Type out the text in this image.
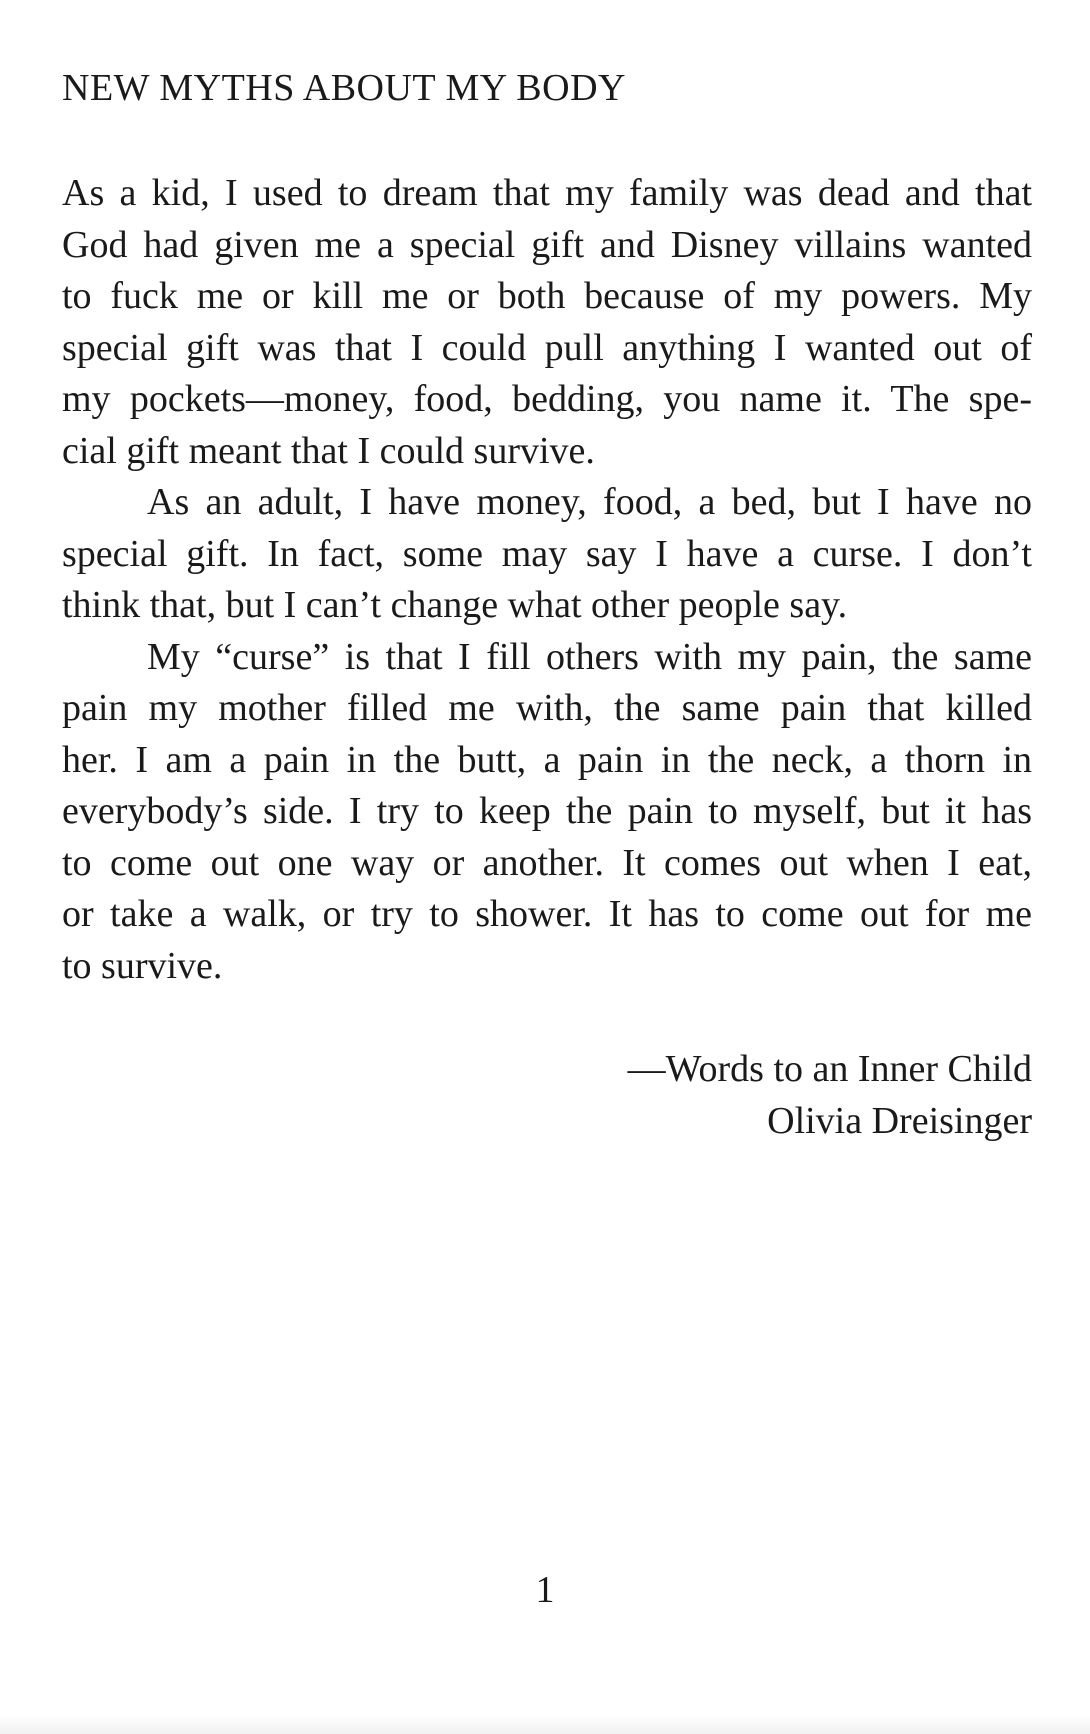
NEW MYTHS ABOUT MY BODY
As a kid, I used to dream that my family was dead and that
God had given me a special gift and Disney villains wanted
to fuck me or kill me or both because of my powers. My
special gift was that I could pull anything I wanted out of
my pockets—money, food, bedding, you name it. The spe-
cial gift meant that I could survive.
As an adult, I have money, food, a bed, but I have no
special gift. In fact, some may say I have a curse. I don’t
think that, but I can’t change what other people say.
My “curse” is that I fill others with my pain, the same
pain my mother filled me with, the same pain that killed
her. I am a pain in the butt, a pain in the neck, a thorn in
everybody’s side. I try to keep the pain to myself, but it has
to come out one way or another. It comes out when I eat,
or take a walk, or try to shower. It has to come out for me
to survive.
—Words to an Inner Child
Olivia Dreisinger
1
